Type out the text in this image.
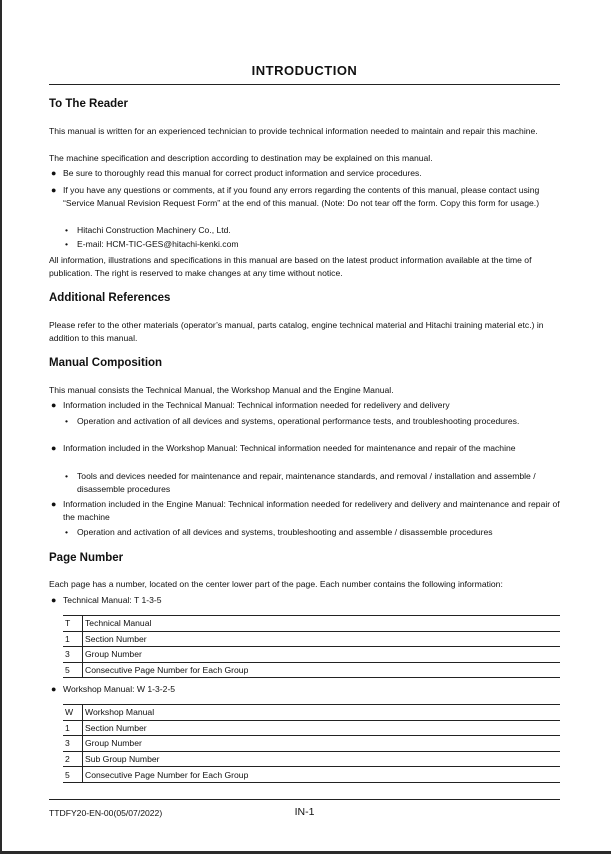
INTRODUCTION
To The Reader
This manual is written for an experienced technician to provide technical information needed to maintain and repair this machine.
The machine specification and description according to destination may be explained on this manual.
● Be sure to thoroughly read this manual for correct product information and service procedures.
● If you have any questions or comments, at if you found any errors regarding the contents of this manual, please contact using “Service Manual Revision Request Form” at the end of this manual. (Note: Do not tear off the form. Copy this form for usage.)
• Hitachi Construction Machinery Co., Ltd.
• E-mail: HCM-TIC-GES@hitachi-kenki.com
All information, illustrations and specifications in this manual are based on the latest product information available at the time of publication. The right is reserved to make changes at any time without notice.
Additional References
Please refer to the other materials (operator’s manual, parts catalog, engine technical material and Hitachi training material etc.) in addition to this manual.
Manual Composition
This manual consists the Technical Manual, the Workshop Manual and the Engine Manual.
● Information included in the Technical Manual: Technical information needed for redelivery and delivery
• Operation and activation of all devices and systems, operational performance tests, and troubleshooting procedures.
● Information included in the Workshop Manual: Technical information needed for maintenance and repair of the machine
• Tools and devices needed for maintenance and repair, maintenance standards, and removal / installation and assemble / disassemble procedures
● Information included in the Engine Manual: Technical information needed for redelivery and delivery and maintenance and repair of the machine
• Operation and activation of all devices and systems, troubleshooting and assemble / disassemble procedures
Page Number
Each page has a number, located on the center lower part of the page. Each number contains the following information:
● Technical Manual: T 1-3-5
T	Technical Manual
1	Section Number
3	Group Number
5	Consecutive Page Number for Each Group
● Workshop Manual: W 1-3-2-5
W	Workshop Manual
1	Section Number
3	Group Number
2	Sub Group Number
5	Consecutive Page Number for Each Group
TTDFY20-EN-00(05/07/2022)	IN-1
